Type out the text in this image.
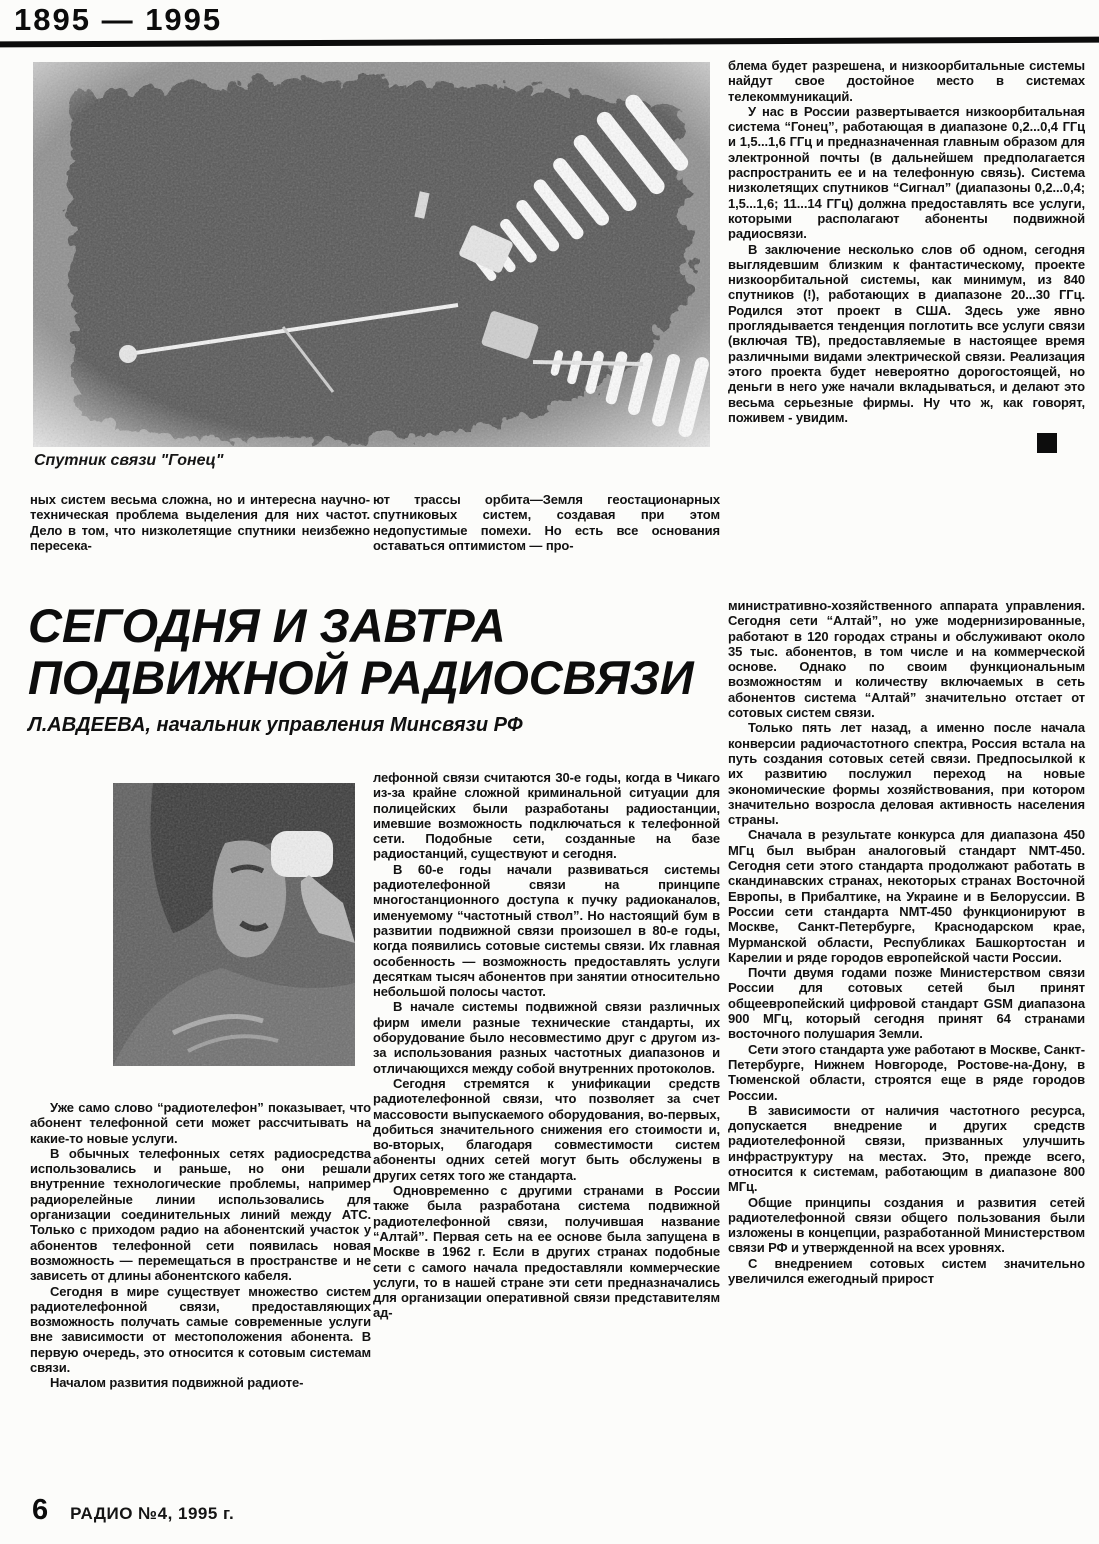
1895 — 1995
Спутник связи "Гонец"

ных систем весьма сложна, но и интересна научно-техническая проблема выделения для них частот. Дело в том, что низколетящие спутники неизбежно пересека-

ют трассы орбита—Земля геостационарных спутниковых систем, создавая при этом недопустимые помехи. Но есть все основания оставаться оптимистом — про-

блема будет разрешена, и низкоорбитальные системы найдут свое достойное место в системах телекоммуникаций.

У нас в России развертывается низкоорбитальная система “Гонец”, работающая в диапазоне 0,2...0,4 ГГц и 1,5...1,6 ГГц и предназначенная главным образом для электронной почты (в дальнейшем предполагается распространить ее и на телефонную связь). Система низколетящих спутников “Сигнал” (диапазоны 0,2...0,4; 1,5...1,6; 11...14 ГГц) должна предоставлять все услуги, которыми располагают абоненты подвижной радиосвязи.

В заключение несколько слов об одном, сегодня выглядевшим близким к фантастическому, проекте низкоорбитальной системы, как минимум, из 840 спутников (!), работающих в диапазоне 20...30 ГГц. Родился этот проект в США. Здесь уже явно проглядывается тенденция поглотить все услуги связи (включая ТВ), предоставляемые в настоящее время различными видами электрической связи. Реализация этого проекта будет невероятно дорогостоящей, но деньги в него уже начали вкладываться, и делают это весьма серьезные фирмы. Ну что ж, как говорят, поживем - увидим.

СЕГОДНЯ И ЗАВТРА
ПОДВИЖНОЙ РАДИОСВЯЗИ
Л.АВДЕЕВА, начальник управления Минсвязи РФ

Уже само слово “радиотелефон” показывает, что абонент телефонной сети может рассчитывать на какие-то новые услуги.

В обычных телефонных сетях радиосредства использовались и раньше, но они решали внутренние технологические проблемы, например радиорелейные линии использовались для организации соединительных линий между АТС. Только с приходом радио на абонентский участок у абонентов телефонной сети появилась новая возможность — перемещаться в пространстве и не зависеть от длины абонентского кабеля.

Сегодня в мире существует множество систем радиотелефонной связи, предоставляющих возможность получать самые современные услуги вне зависимости от местоположения абонента. В первую очередь, это относится к сотовым системам связи.

Началом развития подвижной радиоте-

лефонной связи считаются 30-е годы, когда в Чикаго из-за крайне сложной криминальной ситуации для полицейских были разработаны радиостанции, имевшие возможность подключаться к телефонной сети. Подобные сети, созданные на базе радиостанций, существуют и сегодня.

В 60-е годы начали развиваться системы радиотелефонной связи на принципе многостанционного доступа к пучку радиоканалов, именуемому “частотный ствол”. Но настоящий бум в развитии подвижной связи произошел в 80-е годы, когда появились сотовые системы связи. Их главная особенность — возможность предоставлять услуги десяткам тысяч абонентов при занятии относительно небольшой полосы частот.

В начале системы подвижной связи различных фирм имели разные технические стандарты, их оборудование было несовместимо друг с другом из-за использования разных частотных диапазонов и отличающихся между собой внутренних протоколов.

Сегодня стремятся к унификации средств радиотелефонной связи, что позволяет за счет массовости выпускаемого оборудования, во-первых, добиться значительного снижения его стоимости и, во-вторых, благодаря совместимости систем абоненты одних сетей могут быть обслужены в других сетях того же стандарта.

Одновременно с другими странами в России также была разработана система подвижной радиотелефонной связи, получившая название “Алтай”. Первая сеть на ее основе была запущена в Москве в 1962 г. Если в других странах подобные сети с самого начала предоставляли коммерческие услуги, то в нашей стране эти сети предназначались для организации оперативной связи представителям ад-

министративно-хозяйственного аппарата управления. Сегодня сети “Алтай”, но уже модернизированные, работают в 120 городах страны и обслуживают около 35 тыс. абонентов, в том числе и на коммерческой основе. Однако по своим функциональным возможностям и количеству включаемых в сеть абонентов система “Алтай” значительно отстает от сотовых систем связи.

Только пять лет назад, а именно после начала конверсии радиочастотного спектра, Россия встала на путь создания сотовых сетей связи. Предпосылкой к их развитию послужил переход на новые экономические формы хозяйствования, при котором значительно возросла деловая активность населения страны.

Сначала в результате конкурса для диапазона 450 МГц был выбран аналоговый стандарт NMT-450. Сегодня сети этого стандарта продолжают работать в скандинавских странах, некоторых странах Восточной Европы, в Прибалтике, на Украине и в Белоруссии. В России сети стандарта NMT-450 функционируют в Москве, Санкт-Петербурге, Краснодарском крае, Мурманской области, Республиках Башкортостан и Карелии и ряде городов европейской части России.

Почти двумя годами позже Министерством связи России для сотовых сетей был принят общеевропейский цифровой стандарт GSM диапазона 900 МГц, который сегодня принят 64 странами восточного полушария Земли.

Сети этого стандарта уже работают в Москве, Санкт-Петербурге, Нижнем Новгороде, Ростове-на-Дону, в Тюменской области, строятся еще в ряде городов России.

В зависимости от наличия частотного ресурса, допускается внедрение и других средств радиотелефонной связи, призванных улучшить инфраструктуру на местах. Это, прежде всего, относится к системам, работающим в диапазоне 800 МГц.

Общие принципы создания и развития сетей радиотелефонной связи общего пользования были изложены в концепции, разработанной Министерством связи РФ и утвержденной на всех уровнях.

С внедрением сотовых систем значительно увеличился ежегодный прирост

6 РАДИО №4, 1995 г.
